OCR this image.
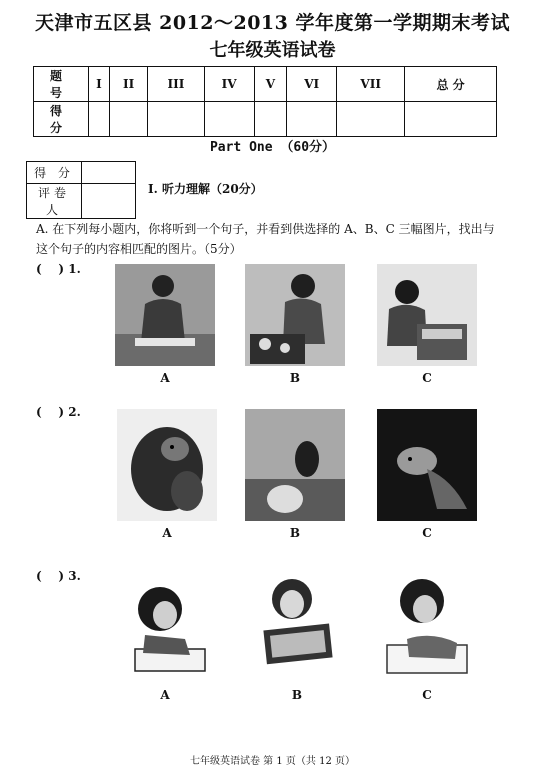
天津市五区县 2012～2013 学年度第一学期期末考试
七年级英语试卷
题 号	I	II	III	IV	V	VI	VII	总 分
得 分								
Part One （60分）
得 分	
评卷人	
I. 听力理解（20分）
A. 在下列每小题内，你将听到一个句子，并看到供选择的 A、B、C 三幅图片，找出与这个句子的内容相匹配的图片。（5分）
(    ) 1.
A	B	C
(    ) 2.
A	B	C
(    ) 3.
A	B	C
七年级英语试卷 第 1 页（共 12 页）
